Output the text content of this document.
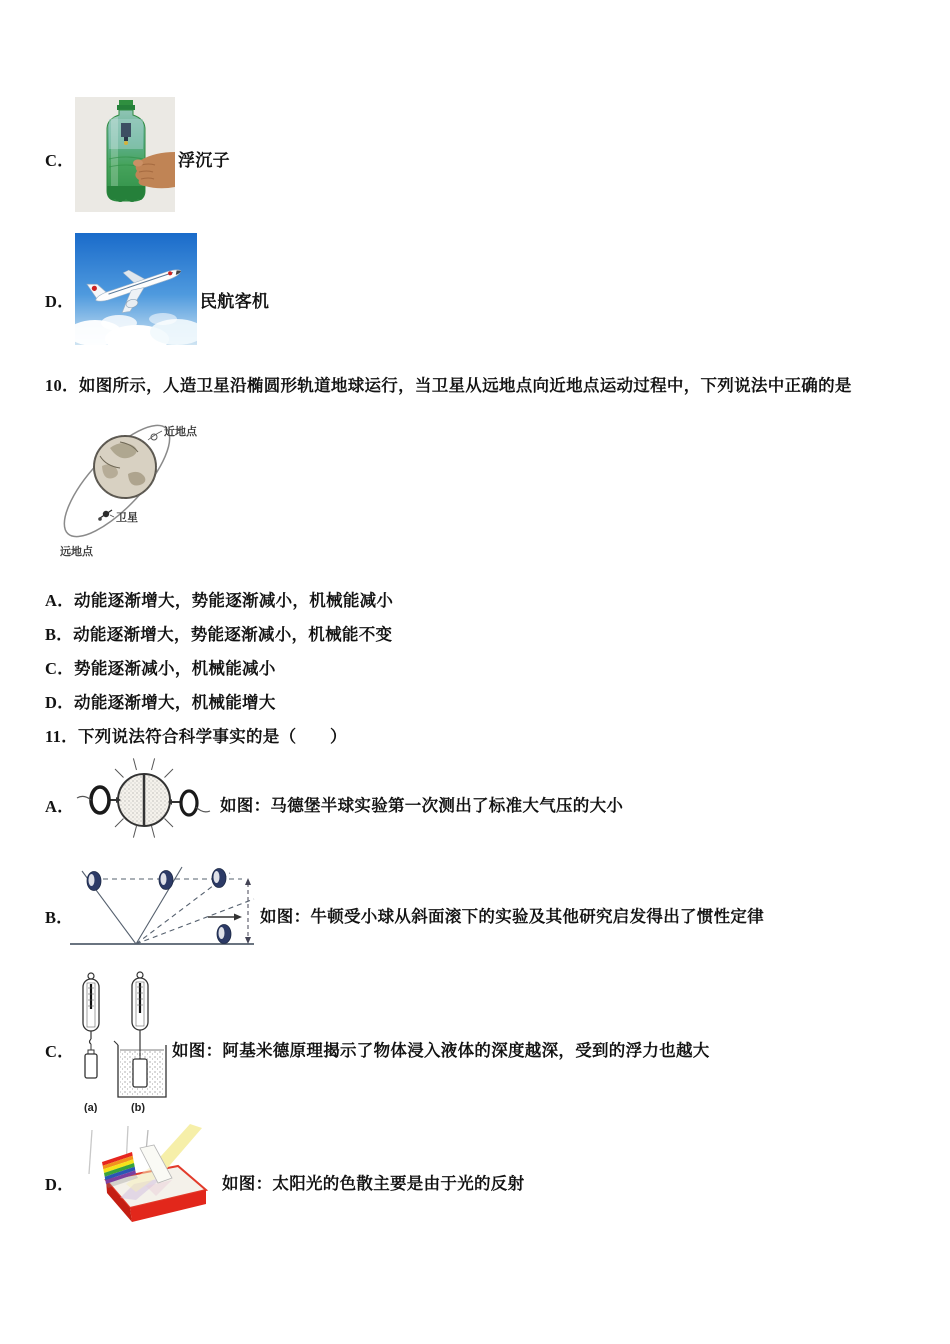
C．	浮沉子
D．	民航客机
10．如图所示，人造卫星沿椭圆形轨道地球运行，当卫星从远地点向近地点运动过程中，下列说法中正确的是
近地点
卫星
远地点
A．动能逐渐增大，势能逐渐减小，机械能减小
B．动能逐渐增大，势能逐渐减小，机械能不变
C．势能逐渐减小，机械能减小
D．动能逐渐增大，机械能增大
11．下列说法符合科学事实的是（　　）
A．	如图：马德堡半球实验第一次测出了标准大气压的大小
B．	如图：牛顿受小球从斜面滚下的实验及其他研究启发得出了惯性定律
C．
(a)	(b)
如图：阿基米德原理揭示了物体浸入液体的深度越深，受到的浮力也越大
D．	如图：太阳光的色散主要是由于光的反射
